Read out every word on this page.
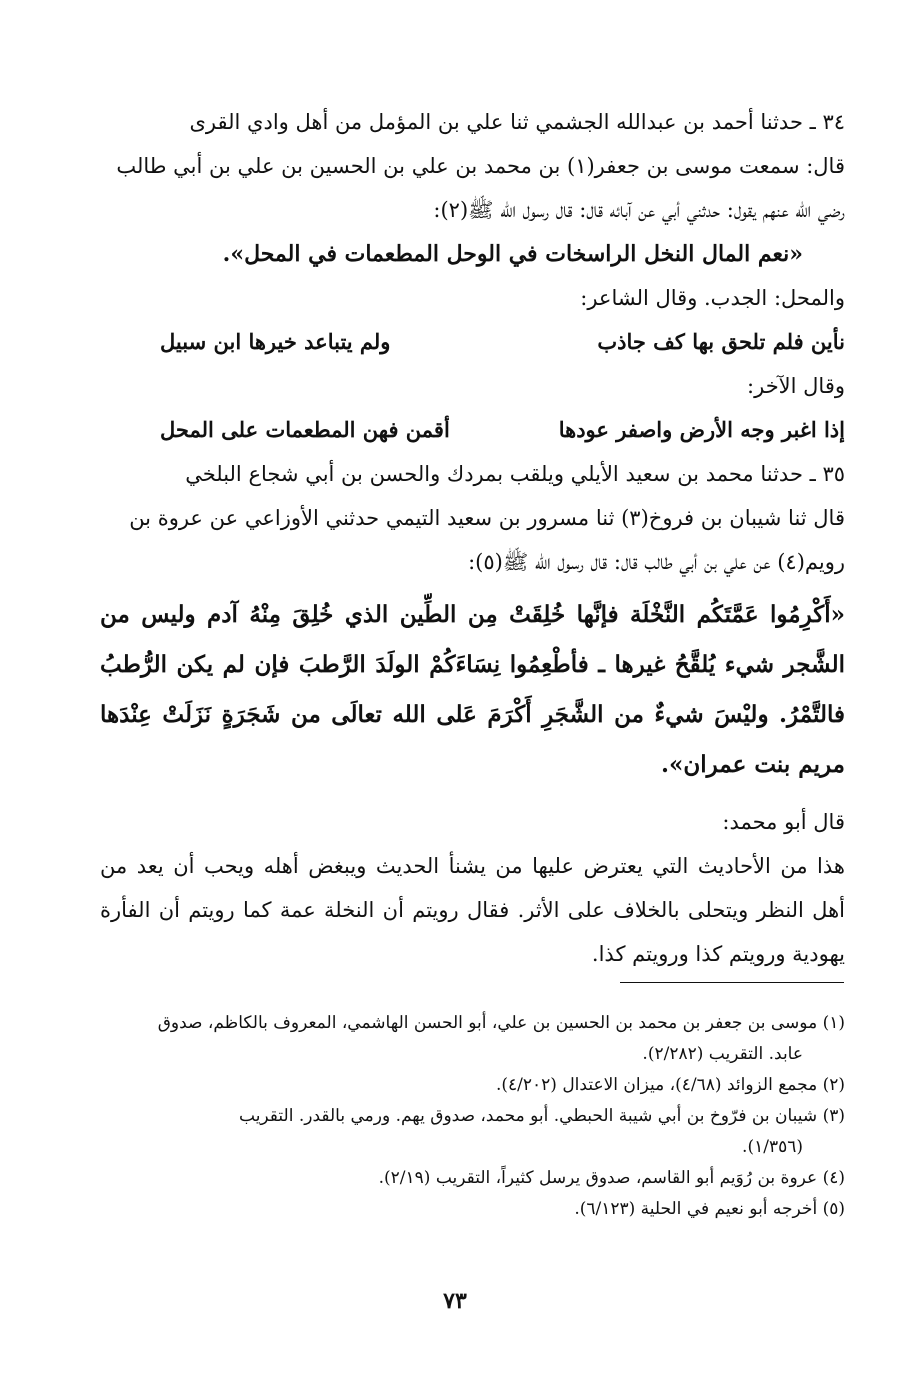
٣٤ ـ حدثنا أحمد بن عبدالله الجشمي ثنا علي بن المؤمل من أهل وادي القرى

قال: سمعت موسى بن جعفر(١) بن محمد بن علي بن الحسين بن علي بن أبي طالب

رضي الله عنهم يقول: حدثني أبي عن آبائه قال: قال رسول الله ﷺ(٢):

«نعم المال النخل الراسخات في الوحل المطعمات في المحل».

والمحل: الجدب. وقال الشاعر:

نأين فلم تلحق بها كف جاذب
ولم يتباعد خيرها ابن سبيل

وقال الآخر:

إذا اغبر وجه الأرض واصفر عودها
أقمن فهن المطعمات على المحل

٣٥ ـ حدثنا محمد بن سعيد الأيلي ويلقب بمردك والحسن بن أبي شجاع البلخي

قال ثنا شيبان بن فروخ(٣) ثنا مسرور بن سعيد التيمي حدثني الأوزاعي عن عروة بن

رويم(٤) عن علي بن أبي طالب قال: قال رسول الله ﷺ(٥):

«أَكْرِمُوا عَمَّتَكُم النَّخْلَة فإنَّها خُلِقَتْ مِن الطِّين الذي خُلِقَ مِنْهُ آدم وليس من الشَّجر شيء يُلقَّحُ غيرها ـ فأطْعِمُوا نِسَاءَكُمْ الولَدَ الرَّطبَ فإن لم يكن الرُّطبُ فالتَّمْرُ. وليْسَ شيءٌ من الشَّجَرِ أَكْرَمَ عَلى الله تعالَى من شَجَرَةٍ نَزَلَتْ عِنْدَها مريم بنت عمران».

قال أبو محمد:

هذا من الأحاديث التي يعترض عليها من يشنأ الحديث ويبغض أهله ويحب أن يعد من أهل النظر ويتحلى بالخلاف على الأثر. فقال رويتم أن النخلة عمة كما رويتم أن الفأرة يهودية ورويتم كذا ورويتم كذا.

(١) موسى بن جعفر بن محمد بن الحسين بن علي، أبو الحسن الهاشمي، المعروف بالكاظم، صدوق

عابد. التقريب (٢/٢٨٢).

(٢) مجمع الزوائد (٤/٦٨)، ميزان الاعتدال (٤/٢٠٢).

(٣) شيبان بن فرّوخ بن أبي شيبة الحبطي. أبو محمد، صدوق يهم. ورمي بالقدر. التقريب

(١/٣٥٦).

(٤) عروة بن رُوَيم أبو القاسم، صدوق يرسل كثيراً، التقريب (٢/١٩).

(٥) أخرجه أبو نعيم في الحلية (٦/١٢٣).

٧٣
